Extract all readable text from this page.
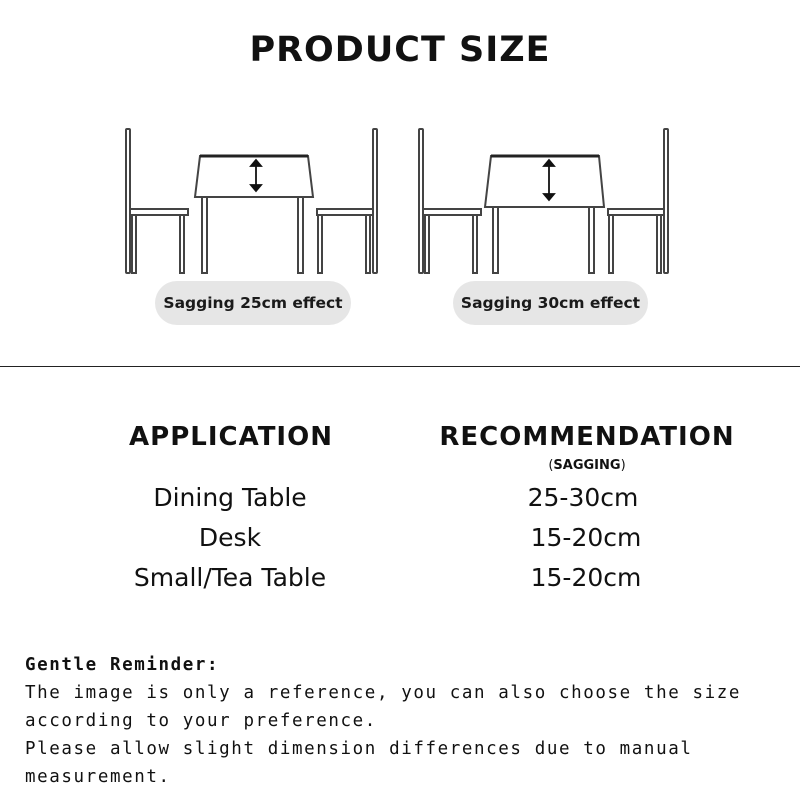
PRODUCT SIZE
Sagging 25cm effect	Sagging 30cm effect
APPLICATION	RECOMMENDATION
(SAGGING)
Dining Table	25-30cm
Desk	15-20cm
Small/Tea Table	15-20cm
Gentle Reminder:
The image is only a reference, you can also choose the size
according to your preference.
Please allow slight dimension differences due to manual
measurement.
